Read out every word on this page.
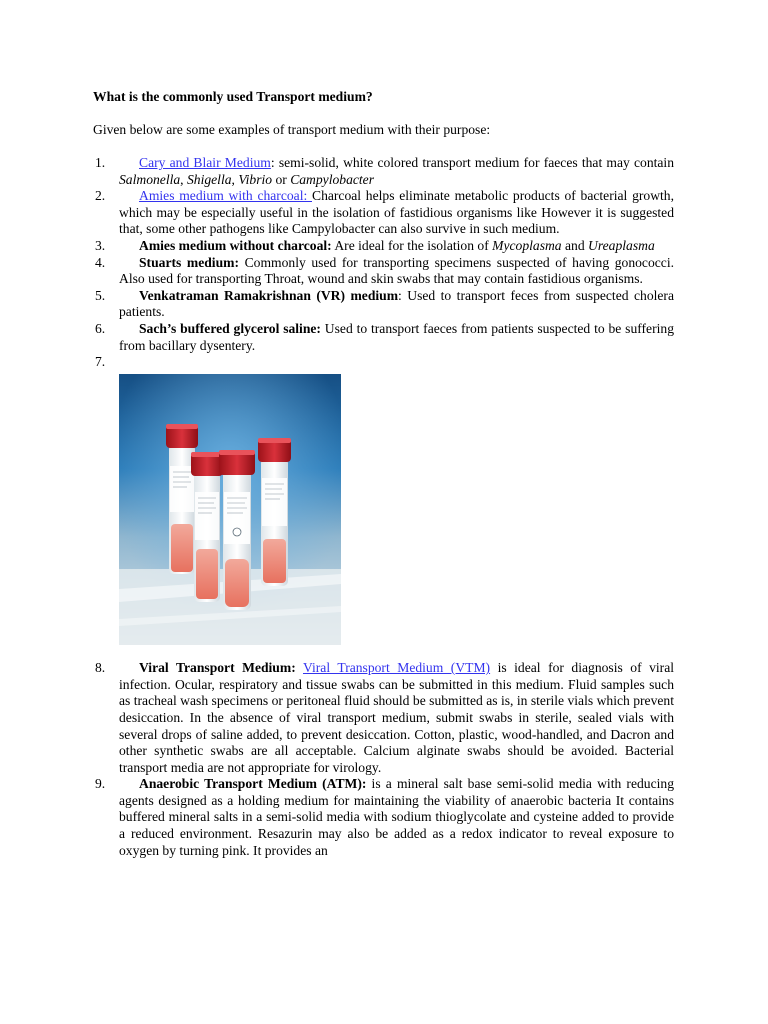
What is the commonly used Transport medium?

Given below are some examples of transport medium with their purpose:

1. Cary and Blair Medium: semi-solid, white colored transport medium for faeces that may contain Salmonella, Shigella, Vibrio or Campylobacter
2. Amies medium with charcoal: Charcoal helps eliminate metabolic products of bacterial growth, which may be especially useful in the isolation of fastidious organisms like However it is suggested that, some other pathogens like Campylobacter can also survive in such medium.
3. Amies medium without charcoal: Are ideal for the isolation of Mycoplasma and Ureaplasma
4. Stuarts medium: Commonly used for transporting specimens suspected of having gonococci. Also used for transporting Throat, wound and skin swabs that may contain fastidious organisms.
5. Venkatraman Ramakrishnan (VR) medium: Used to transport feces from suspected cholera patients.
6. Sach’s buffered glycerol saline: Used to transport faeces from patients suspected to be suffering from bacillary dysentery.
7.
8. Viral Transport Medium: Viral Transport Medium (VTM) is ideal for diagnosis of viral infection. Ocular, respiratory and tissue swabs can be submitted in this medium. Fluid samples such as tracheal wash specimens or peritoneal fluid should be submitted as is, in sterile vials which prevent desiccation. In the absence of viral transport medium, submit swabs in sterile, sealed vials with several drops of saline added, to prevent desiccation. Cotton, plastic, wood-handled, and Dacron and other synthetic swabs are all acceptable. Calcium alginate swabs should be avoided. Bacterial transport media are not appropriate for virology.
9. Anaerobic Transport Medium (ATM): is a mineral salt base semi-solid media with reducing agents designed as a holding medium for maintaining the viability of anaerobic bacteria It contains buffered mineral salts in a semi-solid media with sodium thioglycolate and cysteine added to provide a reduced environment. Resazurin may also be added as a redox indicator to reveal exposure to oxygen by turning pink. It provides an
